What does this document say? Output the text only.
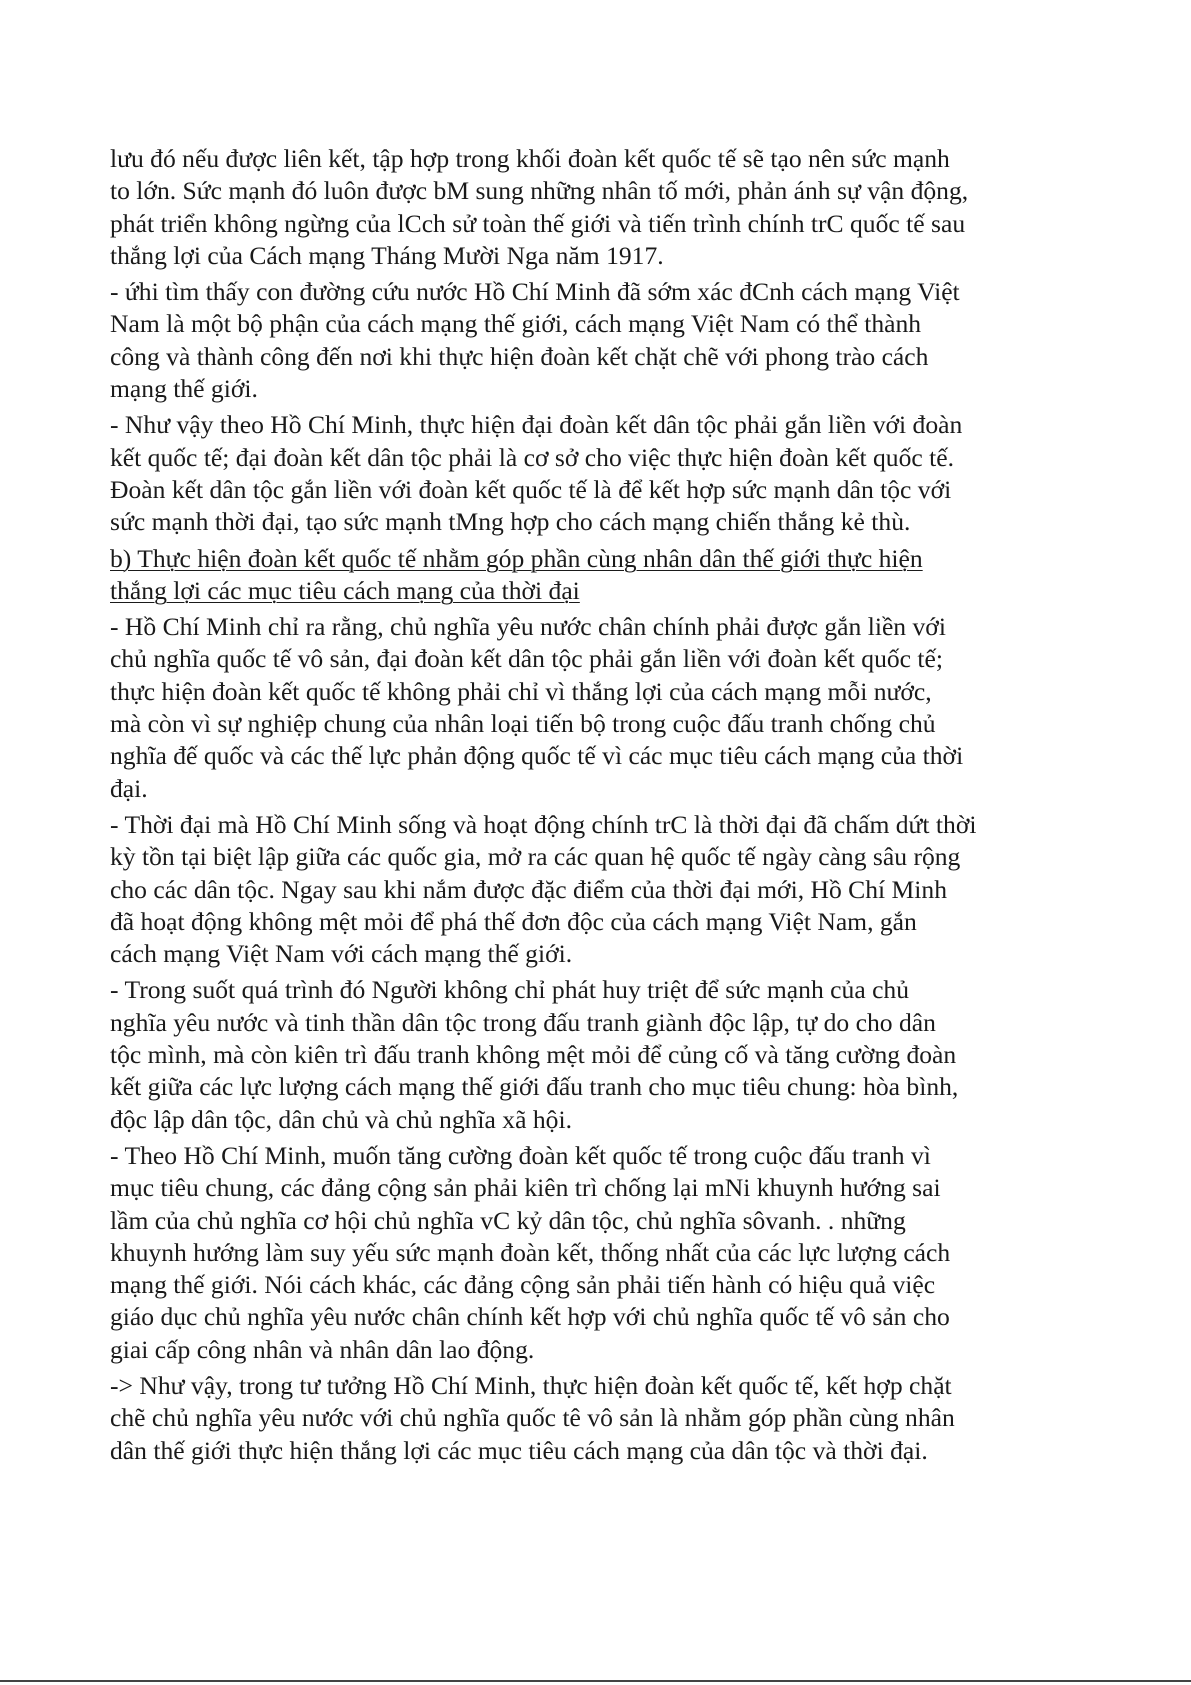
lưu đó nếu được liên kết, tập hợp trong khối đoàn kết quốc tế sẽ tạo nên sức mạnh
to lớn. Sức mạnh đó luôn được bM sung những nhân tố mới, phản ánh sự vận động,
phát triển không ngừng của lCch sử toàn thế giới và tiến trình chính trC quốc tế sau
thắng lợi của Cách mạng Tháng Mười Nga năm 1917.

- ứhi tìm thấy con đường cứu nước Hồ Chí Minh đã sớm xác đCnh cách mạng Việt
Nam là một bộ phận của cách mạng thế giới, cách mạng Việt Nam có thể thành
công và thành công đến nơi khi thực hiện đoàn kết chặt chẽ với phong trào cách
mạng thế giới.

- Như vậy theo Hồ Chí Minh, thực hiện đại đoàn kết dân tộc phải gắn liền với đoàn
kết quốc tế; đại đoàn kết dân tộc phải là cơ sở cho việc thực hiện đoàn kết quốc tế.
Đoàn kết dân tộc gắn liền với đoàn kết quốc tế là để kết hợp sức mạnh dân tộc với
sức mạnh thời đại, tạo sức mạnh tMng hợp cho cách mạng chiến thắng kẻ thù.

b) Thực hiện đoàn kết quốc tế nhằm góp phần cùng nhân dân thế giới thực hiện
thắng lợi các mục tiêu cách mạng của thời đại

- Hồ Chí Minh chỉ ra rằng, chủ nghĩa yêu nước chân chính phải được gắn liền với
chủ nghĩa quốc tế vô sản, đại đoàn kết dân tộc phải gắn liền với đoàn kết quốc tế;
thực hiện đoàn kết quốc tế không phải chỉ vì thắng lợi của cách mạng mỗi nước,
mà còn vì sự nghiệp chung của nhân loại tiến bộ trong cuộc đấu tranh chống chủ
nghĩa đế quốc và các thế lực phản động quốc tế vì các mục tiêu cách mạng của thời
đại.

- Thời đại mà Hồ Chí Minh sống và hoạt động chính trC là thời đại đã chấm dứt thời
kỳ tồn tại biệt lập giữa các quốc gia, mở ra các quan hệ quốc tế ngày càng sâu rộng
cho các dân tộc. Ngay sau khi nắm được đặc điểm của thời đại mới, Hồ Chí Minh
đã hoạt động không mệt mỏi để phá thế đơn độc của cách mạng Việt Nam, gắn
cách mạng Việt Nam với cách mạng thế giới.

- Trong suốt quá trình đó Người không chỉ phát huy triệt để sức mạnh của chủ
nghĩa yêu nước và tinh thần dân tộc trong đấu tranh giành độc lập, tự do cho dân
tộc mình, mà còn kiên trì đấu tranh không mệt mỏi để củng cố và tăng cường đoàn
kết giữa các lực lượng cách mạng thế giới đấu tranh cho mục tiêu chung: hòa bình,
độc lập dân tộc, dân chủ và chủ nghĩa xã hội.

- Theo Hồ Chí Minh, muốn tăng cường đoàn kết quốc tế trong cuộc đấu tranh vì
mục tiêu chung, các đảng cộng sản phải kiên trì chống lại mNi khuynh hướng sai
lầm của chủ nghĩa cơ hội chủ nghĩa vC kỷ dân tộc, chủ nghĩa sôvanh. . những
khuynh hướng làm suy yếu sức mạnh đoàn kết, thống nhất của các lực lượng cách
mạng thế giới. Nói cách khác, các đảng cộng sản phải tiến hành có hiệu quả việc
giáo dục chủ nghĩa yêu nước chân chính kết hợp với chủ nghĩa quốc tế vô sản cho
giai cấp công nhân và nhân dân lao động.

-> Như vậy, trong tư tưởng Hồ Chí Minh, thực hiện đoàn kết quốc tế, kết hợp chặt
chẽ chủ nghĩa yêu nước với chủ nghĩa quốc tê vô sản là nhằm góp phần cùng nhân
dân thế giới thực hiện thắng lợi các mục tiêu cách mạng của dân tộc và thời đại.
